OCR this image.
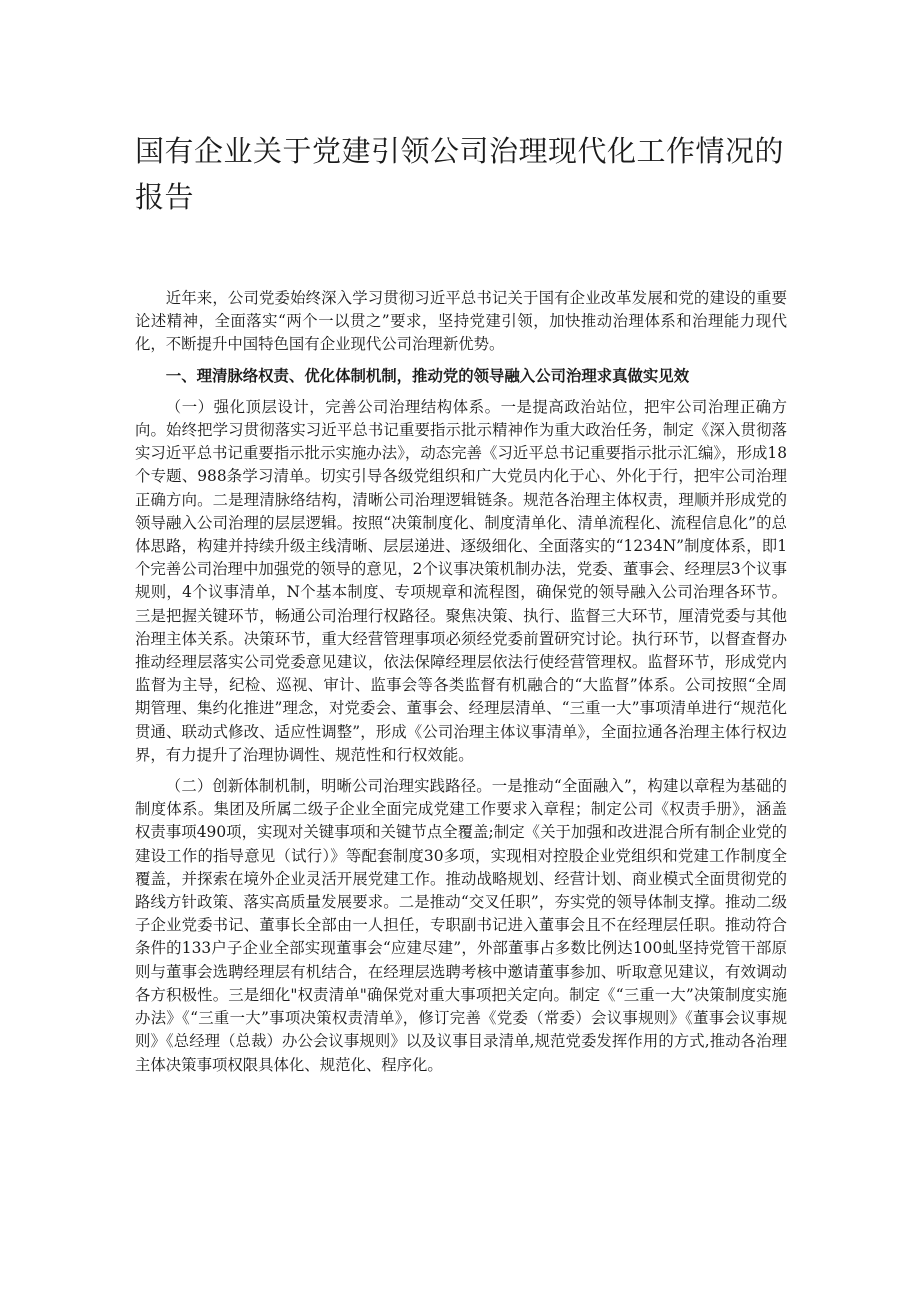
国有企业关于党建引领公司治理现代化工作情况的报告

近年来，公司党委始终深入学习贯彻习近平总书记关于国有企业改革发展和党的建设的重要论述精神，全面落实“两个一以贯之”要求，坚持党建引领，加快推动治理体系和治理能力现代化，不断提升中国特色国有企业现代公司治理新优势。

一、理清脉络权责、优化体制机制，推动党的领导融入公司治理求真做实见效

（一）强化顶层设计，完善公司治理结构体系。一是提高政治站位，把牢公司治理正确方向。始终把学习贯彻落实习近平总书记重要指示批示精神作为重大政治任务，制定《深入贯彻落实习近平总书记重要指示批示实施办法》，动态完善《习近平总书记重要指示批示汇编》，形成18个专题、988条学习清单。切实引导各级党组织和广大党员内化于心、外化于行，把牢公司治理正确方向。二是理清脉络结构，清晰公司治理逻辑链条。规范各治理主体权责，理顺并形成党的领导融入公司治理的层层逻辑。按照“决策制度化、制度清单化、清单流程化、流程信息化”的总体思路，构建并持续升级主线清晰、层层递进、逐级细化、全面落实的“1234N”制度体系，即1个完善公司治理中加强党的领导的意见，2个议事决策机制办法，党委、董事会、经理层3个议事规则，4个议事清单，N个基本制度、专项规章和流程图，确保党的领导融入公司治理各环节。三是把握关键环节，畅通公司治理行权路径。聚焦决策、执行、监督三大环节，厘清党委与其他治理主体关系。决策环节，重大经营管理事项必须经党委前置研究讨论。执行环节，以督查督办推动经理层落实公司党委意见建议，依法保障经理层依法行使经营管理权。监督环节，形成党内监督为主导，纪检、巡视、审计、监事会等各类监督有机融合的“大监督”体系。公司按照“全周期管理、集约化推进”理念，对党委会、董事会、经理层清单、“三重一大”事项清单进行“规范化贯通、联动式修改、适应性调整”，形成《公司治理主体议事清单》，全面拉通各治理主体行权边界，有力提升了治理协调性、规范性和行权效能。

（二）创新体制机制，明晰公司治理实践路径。一是推动“全面融入”，构建以章程为基础的制度体系。集团及所属二级子企业全面完成党建工作要求入章程；制定公司《权责手册》，涵盖权责事项490项，实现对关键事项和关键节点全覆盖;制定《关于加强和改进混合所有制企业党的建设工作的指导意见（试行）》等配套制度30多项，实现相对控股企业党组织和党建工作制度全覆盖，并探索在境外企业灵活开展党建工作。推动战略规划、经营计划、商业模式全面贯彻党的路线方针政策、落实高质量发展要求。二是推动“交叉任职”，夯实党的领导体制支撑。推动二级子企业党委书记、董事长全部由一人担任，专职副书记进入董事会且不在经理层任职。推动符合条件的133户子企业全部实现董事会“应建尽建”，外部董事占多数比例达100虬坚持党管干部原则与董事会选聘经理层有机结合，在经理层选聘考核中邀请董事参加、听取意见建议，有效调动各方积极性。三是细化"权责清单"确保党对重大事项把关定向。制定《“三重一大”决策制度实施办法》《“三重一大”事项决策权责清单》，修订完善《党委（常委）会议事规则》《董事会议事规则》《总经理（总裁）办公会议事规则》以及议事目录清单,规范党委发挥作用的方式,推动各治理主体决策事项权限具体化、规范化、程序化。
